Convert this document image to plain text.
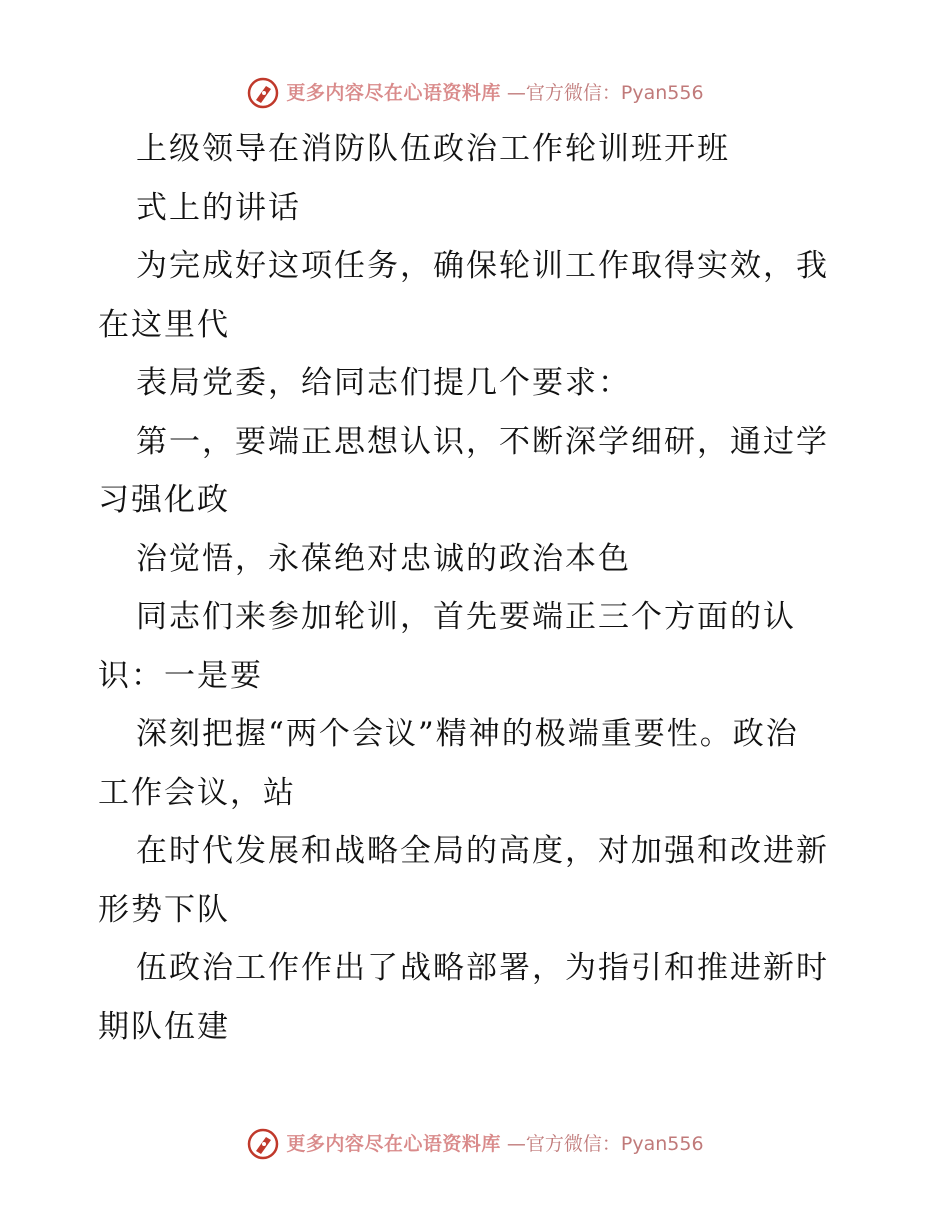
更多内容尽在心语资料库 —官方微信：Pyan556
上级领导在消防队伍政治工作轮训班开班
式上的讲话
为完成好这项任务，确保轮训工作取得实效，我
在这里代
表局党委，给同志们提几个要求：
第一，要端正思想认识，不断深学细研，通过学
习强化政
治觉悟，永葆绝对忠诚的政治本色
同志们来参加轮训，首先要端正三个方面的认
识：一是要
深刻把握“两个会议”精神的极端重要性。政治
工作会议，站
在时代发展和战略全局的高度，对加强和改进新
形势下队
伍政治工作作出了战略部署，为指引和推进新时
期队伍建
更多内容尽在心语资料库 —官方微信：Pyan556
